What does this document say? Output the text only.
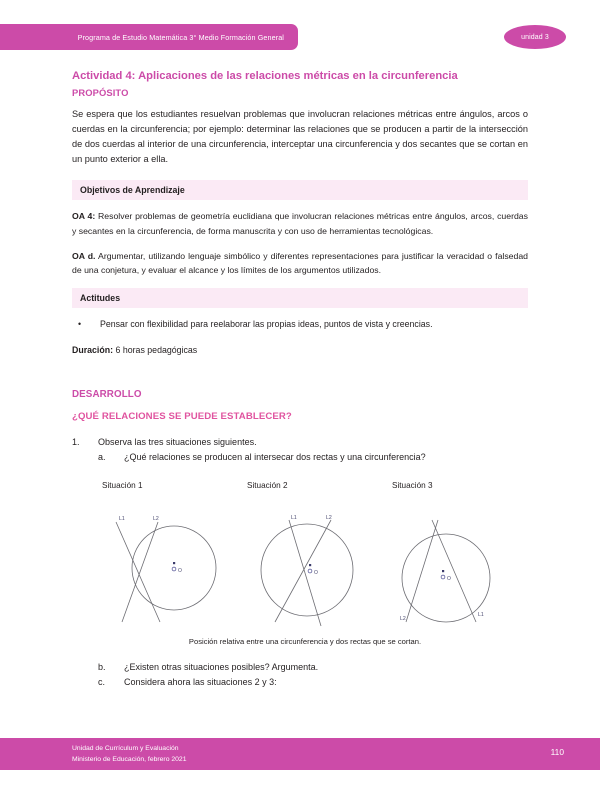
Programa de Estudio Matemática 3° Medio Formación General	unidad 3
Actividad 4: Aplicaciones de las relaciones métricas en la circunferencia
PROPÓSITO

Se espera que los estudiantes resuelvan problemas que involucran relaciones métricas entre ángulos, arcos o cuerdas en la circunferencia; por ejemplo: determinar las relaciones que se producen a partir de la intersección de dos cuerdas al interior de una circunferencia, interceptar una circunferencia y dos secantes que se cortan en un punto exterior a ella.

Objetivos de Aprendizaje

OA 4: Resolver problemas de geometría euclidiana que involucran relaciones métricas entre ángulos, arcos, cuerdas y secantes en la circunferencia, de forma manuscrita y con uso de herramientas tecnológicas.

OA d. Argumentar, utilizando lenguaje simbólico y diferentes representaciones para justificar la veracidad o falsedad de una conjetura, y evaluar el alcance y los límites de los argumentos utilizados.

Actitudes
•	Pensar con flexibilidad para reelaborar las propias ideas, puntos de vista y creencias.

Duración: 6 horas pedagógicas

DESARROLLO
¿QUÉ RELACIONES SE PUEDE ESTABLECER?
1.	Observa las tres situaciones siguientes.
a.	¿Qué relaciones se producen al intersecar dos rectas y una circunferencia?
Situación 1
L1	L2
O
Situación 2
L1	L2
O
Situación 3
L2
L1
O
Posición relativa entre una circunferencia y dos rectas que se cortan.
b.	¿Existen otras situaciones posibles? Argumenta.
c.	Considera ahora las situaciones 2 y 3:
Unidad de Currículum y Evaluación
Ministerio de Educación, febrero 2021
110
